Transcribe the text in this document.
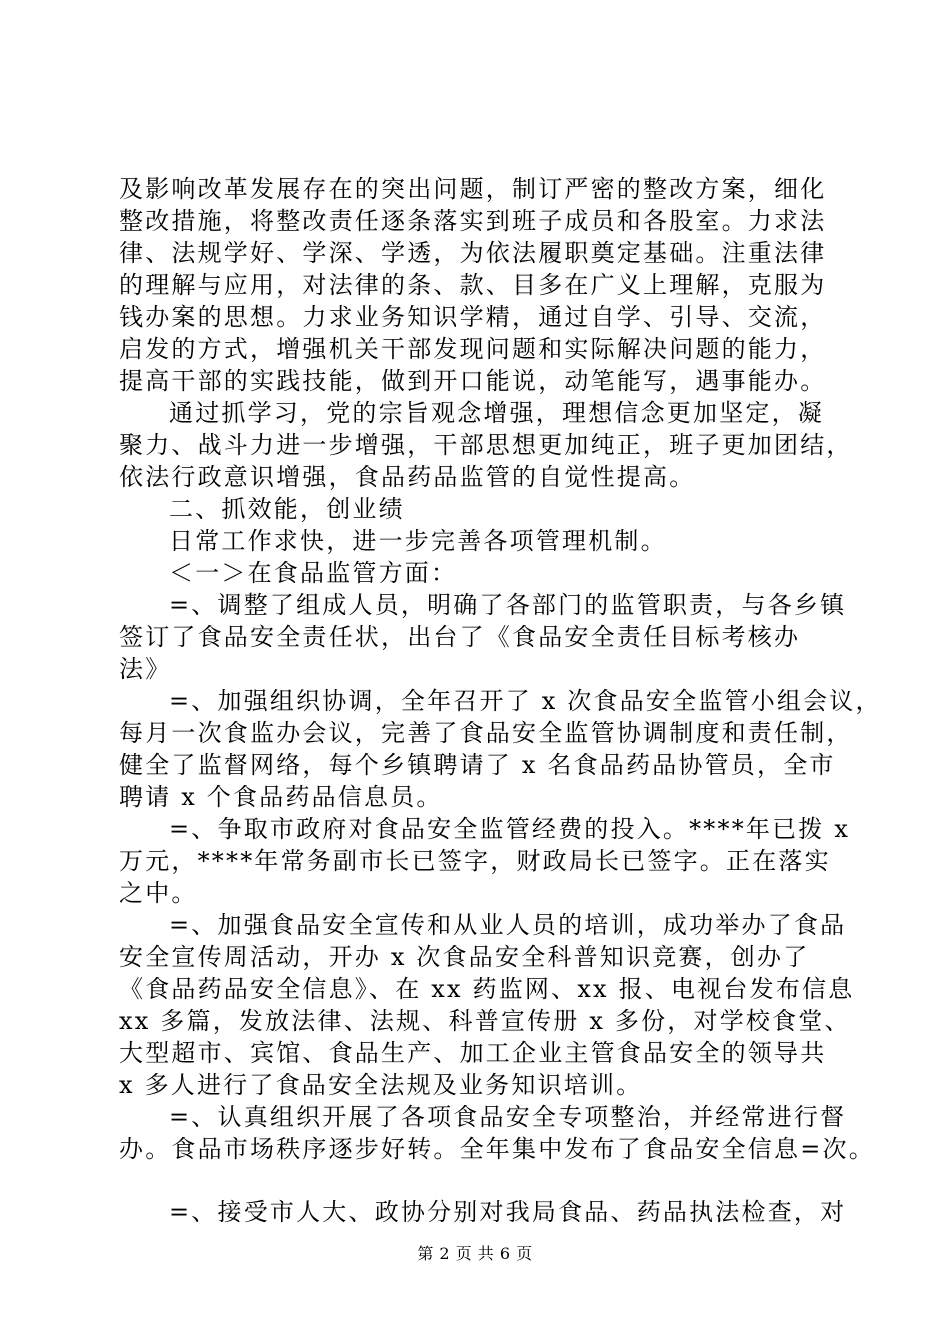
及影响改革发展存在的突出问题，制订严密的整改方案，细化
整改措施，将整改责任逐条落实到班子成员和各股室。力求法
律、法规学好、学深、学透，为依法履职奠定基础。注重法律
的理解与应用，对法律的条、款、目多在广义上理解，克服为
钱办案的思想。力求业务知识学精，通过自学、引导、交流，
启发的方式，增强机关干部发现问题和实际解决问题的能力，
提高干部的实践技能，做到开口能说，动笔能写，遇事能办。
通过抓学习，党的宗旨观念增强，理想信念更加坚定，凝
聚力、战斗力进一步增强，干部思想更加纯正，班子更加团结，
依法行政意识增强，食品药品监管的自觉性提高。
二、抓效能，创业绩
日常工作求快，进一步完善各项管理机制。
＜一＞在食品监管方面：
=、调整了组成人员，明确了各部门的监管职责，与各乡镇
签订了食品安全责任状，出台了《食品安全责任目标考核办
法》
=、加强组织协调，全年召开了 x 次食品安全监管小组会议，
每月一次食监办会议，完善了食品安全监管协调制度和责任制，
健全了监督网络，每个乡镇聘请了 x 名食品药品协管员，全市
聘请 x 个食品药品信息员。
=、争取市政府对食品安全监管经费的投入。****年已拨 x
万元，****年常务副市长已签字，财政局长已签字。正在落实
之中。
=、加强食品安全宣传和从业人员的培训，成功举办了食品
安全宣传周活动，开办 x 次食品安全科普知识竞赛，创办了
《食品药品安全信息》、在 xx 药监网、xx 报、电视台发布信息
xx 多篇，发放法律、法规、科普宣传册 x 多份，对学校食堂、
大型超市、宾馆、食品生产、加工企业主管食品安全的领导共
x 多人进行了食品安全法规及业务知识培训。
=、认真组织开展了各项食品安全专项整治，并经常进行督
办。食品市场秩序逐步好转。全年集中发布了食品安全信息=次。
=、接受市人大、政协分别对我局食品、药品执法检查，对
第 2 页 共 6 页
